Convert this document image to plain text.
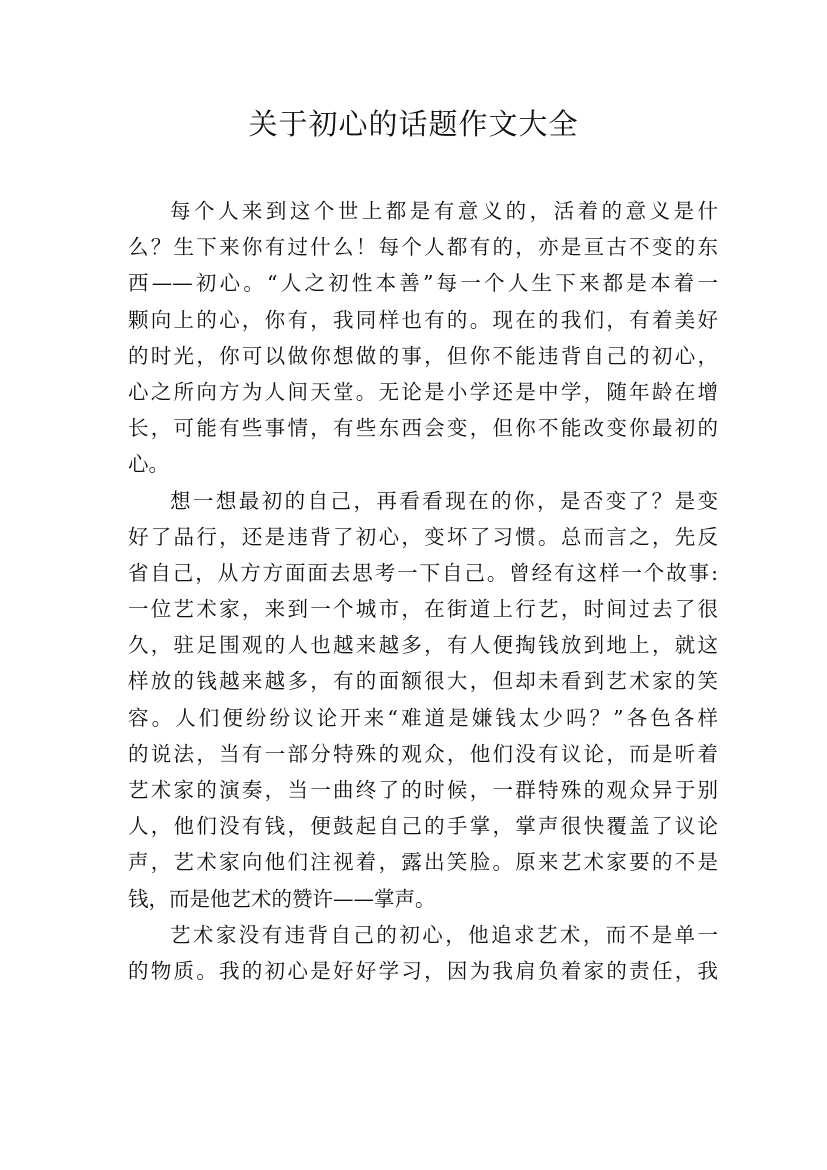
关于初心的话题作文大全
每个人来到这个世上都是有意义的，活着的意义是什
么？生下来你有过什么！每个人都有的，亦是亘古不变的东
西——初心。“人之初性本善”每一个人生下来都是本着一
颗向上的心，你有，我同样也有的。现在的我们，有着美好
的时光，你可以做你想做的事，但你不能违背自己的初心，
心之所向方为人间天堂。无论是小学还是中学，随年龄在增
长，可能有些事情，有些东西会变，但你不能改变你最初的
心。
想一想最初的自己，再看看现在的你，是否变了？是变
好了品行，还是违背了初心，变坏了习惯。总而言之，先反
省自己，从方方面面去思考一下自己。曾经有这样一个故事:
一位艺术家，来到一个城市，在街道上行艺，时间过去了很
久，驻足围观的人也越来越多，有人便掏钱放到地上，就这
样放的钱越来越多，有的面额很大，但却未看到艺术家的笑
容。人们便纷纷议论开来“难道是嫌钱太少吗？”各色各样
的说法，当有一部分特殊的观众，他们没有议论，而是听着
艺术家的演奏，当一曲终了的时候，一群特殊的观众异于别
人，他们没有钱，便鼓起自己的手掌，掌声很快覆盖了议论
声，艺术家向他们注视着，露出笑脸。原来艺术家要的不是
钱，而是他艺术的赞许——掌声。
艺术家没有违背自己的初心，他追求艺术，而不是单一
的物质。我的初心是好好学习，因为我肩负着家的责任，我
